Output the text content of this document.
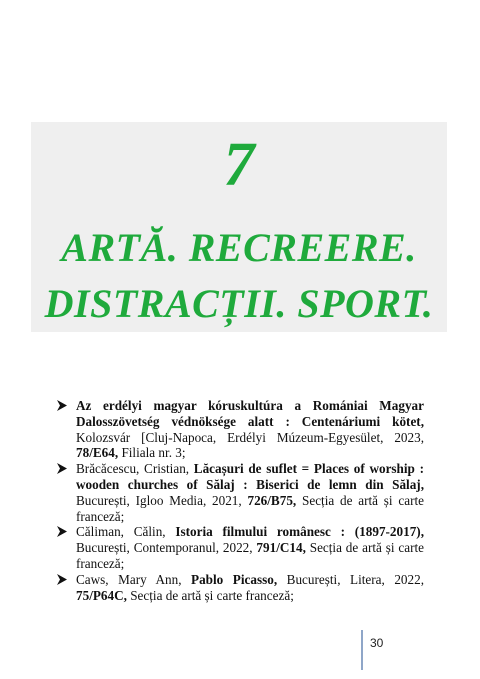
7
ARTĂ. RECREERE.
DISTRACȚII. SPORT.
Az erdélyi magyar kóruskultúra a Romániai Magyar Dalosszövetség védnöksége alatt : Centenáriumi kötet, Kolozsvár [Cluj-Napoca, Erdélyi Múzeum-Egyesület, 2023, 78/E64, Filiala nr. 3;
Brăcăcescu, Cristian, Lăcașuri de suflet = Places of worship : wooden churches of Sălaj : Biserici de lemn din Sălaj, București, Igloo Media, 2021, 726/B75, Secția de artă și carte franceză;
Căliman, Călin, Istoria filmului românesc : (1897-2017), București, Contemporanul, 2022, 791/C14, Secția de artă și carte franceză;
Caws, Mary Ann, Pablo Picasso, București, Litera, 2022, 75/P64C, Secția de artă și carte franceză;
30
